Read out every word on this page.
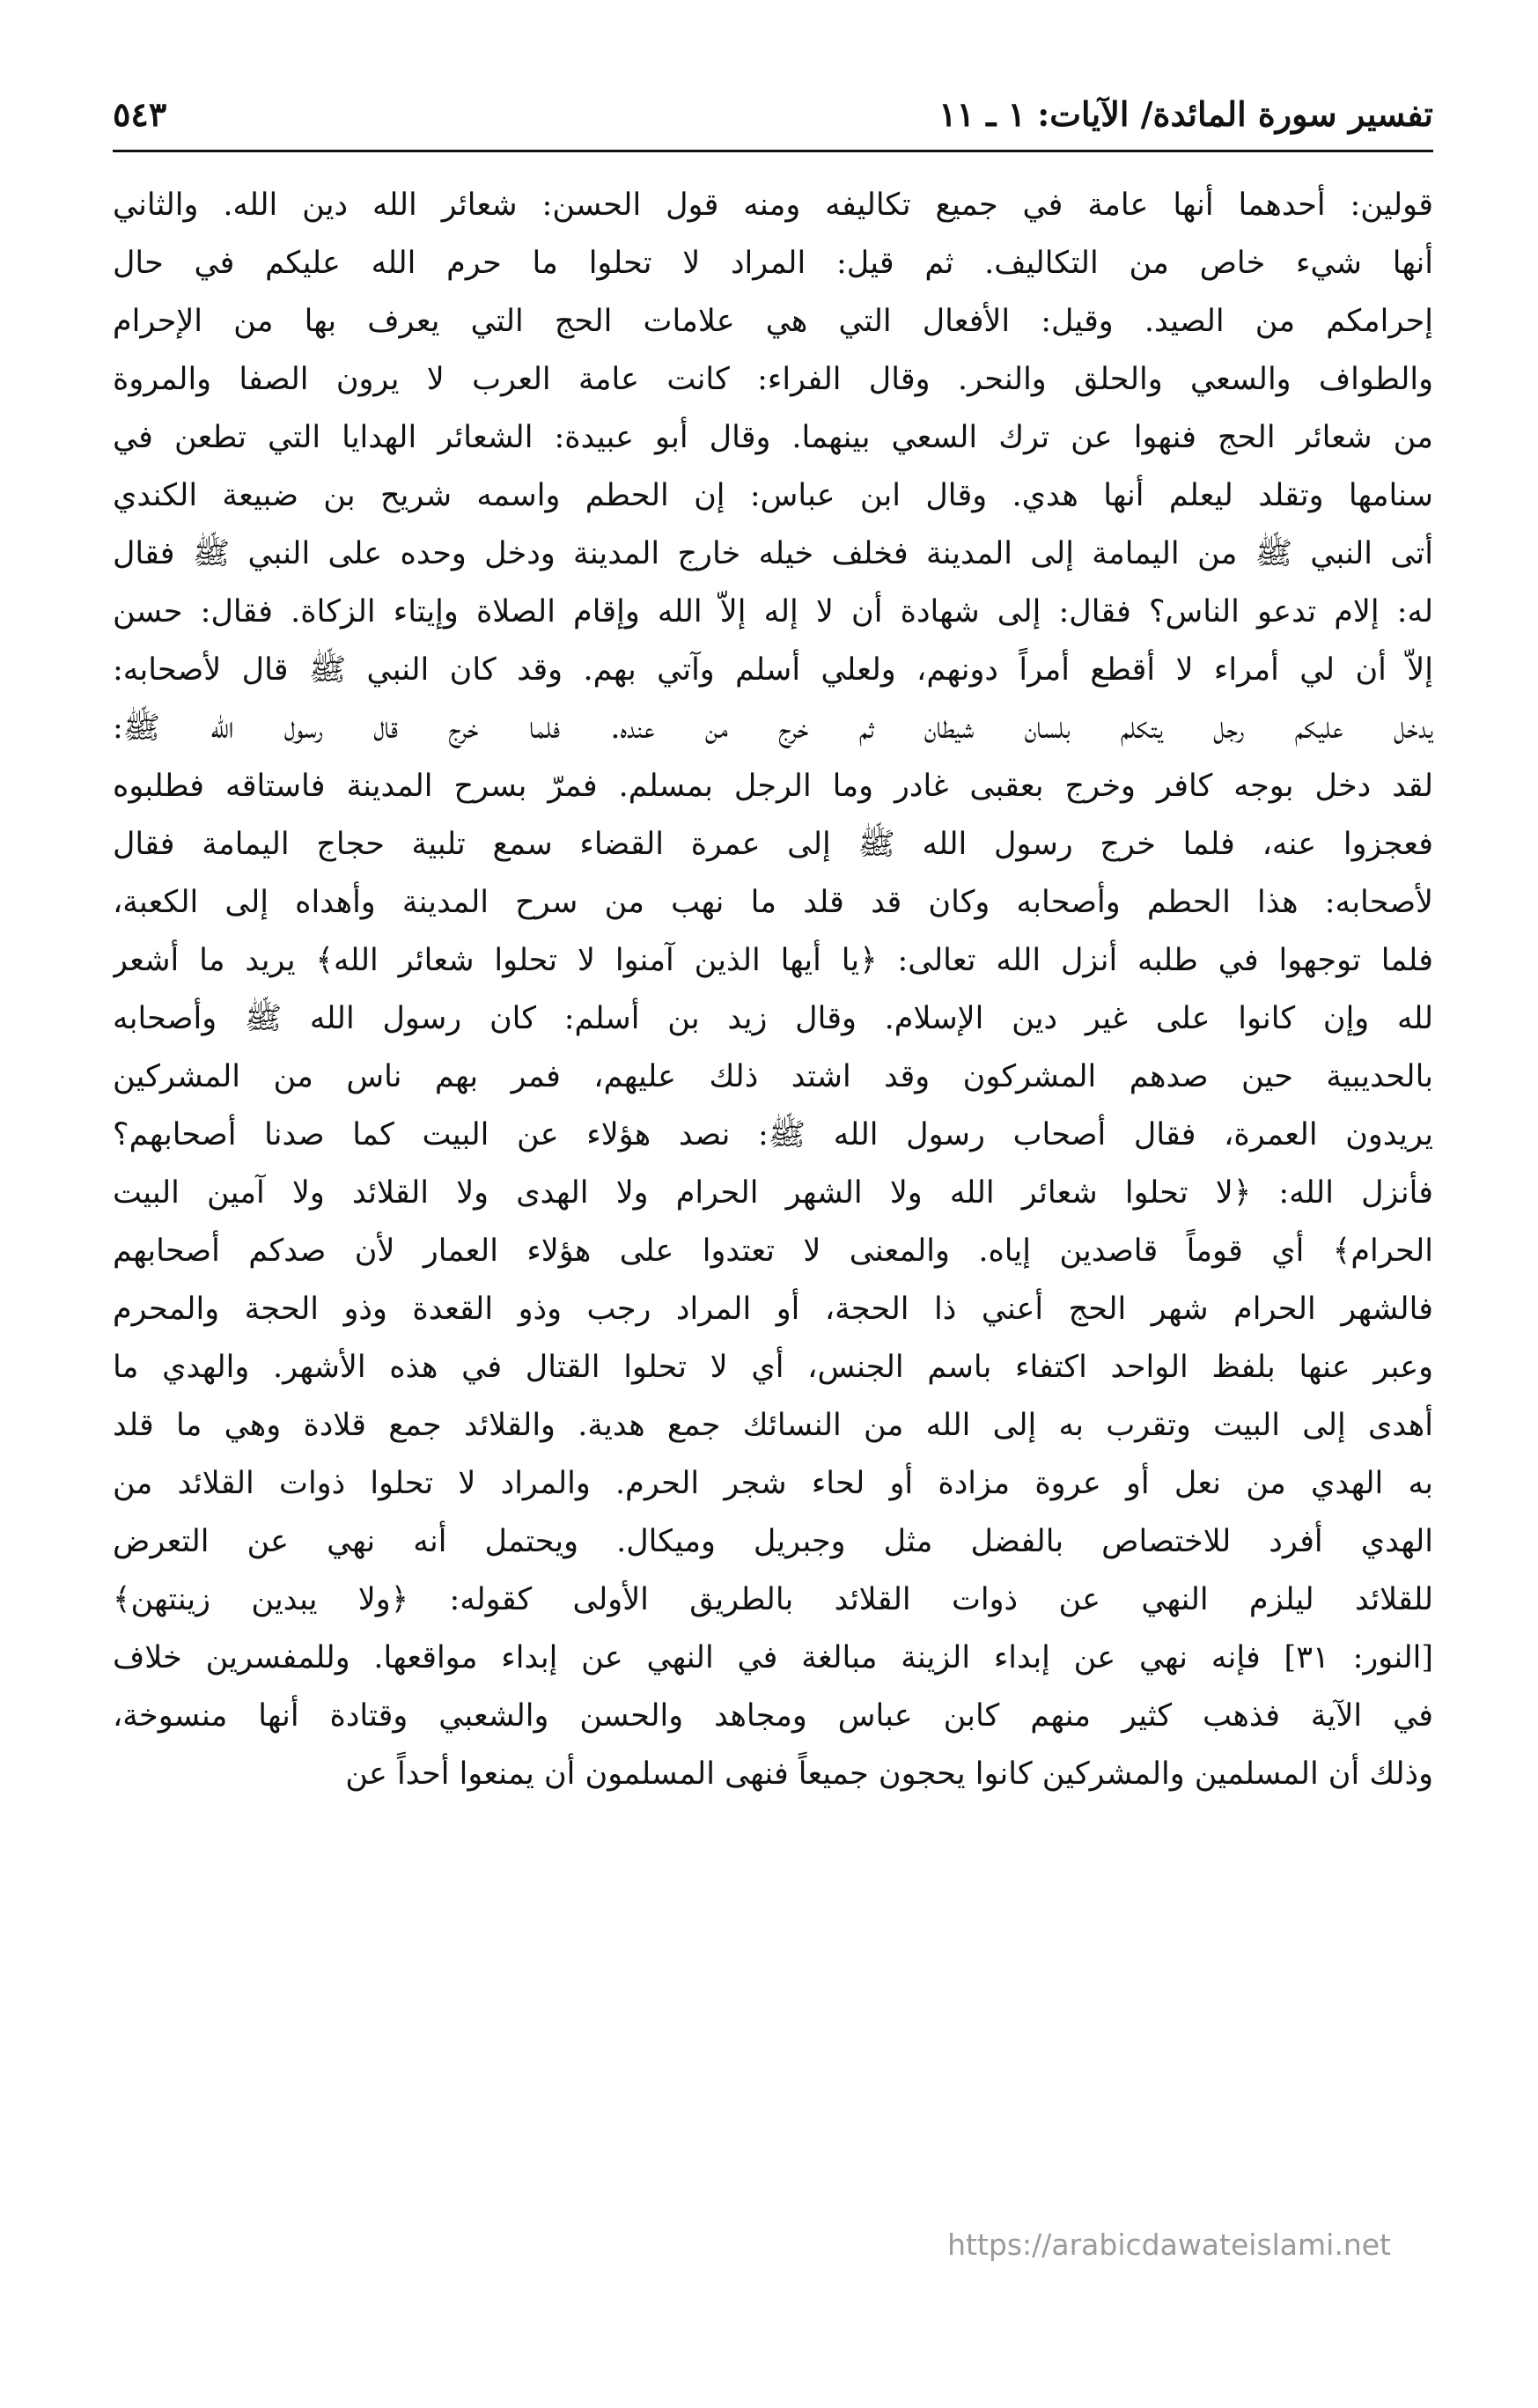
تفسير سورة المائدة/ الآيات: ١ ـ ١١
٥٤٣
قولين: أحدهما أنها عامة في جميع تكاليفه ومنه قول الحسن: شعائر الله دين الله. والثاني
أنها شيء خاص من التكاليف. ثم قيل: المراد لا تحلوا ما حرم الله عليكم في حال
إحرامكم من الصيد. وقيل: الأفعال التي هي علامات الحج التي يعرف بها من الإحرام
والطواف والسعي والحلق والنحر. وقال الفراء: كانت عامة العرب لا يرون الصفا والمروة
من شعائر الحج فنهوا عن ترك السعي بينهما. وقال أبو عبيدة: الشعائر الهدايا التي تطعن في
سنامها وتقلد ليعلم أنها هدي. وقال ابن عباس: إن الحطم واسمه شريح بن ضبيعة الكندي
أتى النبي ﷺ من اليمامة إلى المدينة فخلف خيله خارج المدينة ودخل وحده على النبي ﷺ فقال
له: إلام تدعو الناس؟ فقال: إلى شهادة أن لا إله إلاّ الله وإقام الصلاة وإيتاء الزكاة. فقال: حسن
إلاّ أن لي أمراء لا أقطع أمراً دونهم، ولعلي أسلم وآتي بهم. وقد كان النبي ﷺ قال لأصحابه:
يدخل عليكم رجل يتكلم بلسان شيطان ثم خرج من عنده. فلما خرج قال رسول الله ﷺ:
لقد دخل بوجه كافر وخرج بعقبى غادر وما الرجل بمسلم. فمرّ بسرح المدينة فاستاقه فطلبوه
فعجزوا عنه، فلما خرج رسول الله ﷺ إلى عمرة القضاء سمع تلبية حجاج اليمامة فقال
لأصحابه: هذا الحطم وأصحابه وكان قد قلد ما نهب من سرح المدينة وأهداه إلى الكعبة،
فلما توجهوا في طلبه أنزل الله تعالى: ﴿يا أيها الذين آمنوا لا تحلوا شعائر الله﴾ يريد ما أشعر
لله وإن كانوا على غير دين الإسلام. وقال زيد بن أسلم: كان رسول الله ﷺ وأصحابه
بالحديبية حين صدهم المشركون وقد اشتد ذلك عليهم، فمر بهم ناس من المشركين
يريدون العمرة، فقال أصحاب رسول الله ﷺ: نصد هؤلاء عن البيت كما صدنا أصحابهم؟
فأنزل الله: ﴿لا تحلوا شعائر الله ولا الشهر الحرام ولا الهدى ولا القلائد ولا آمين البيت
الحرام﴾ أي قوماً قاصدين إياه. والمعنى لا تعتدوا على هؤلاء العمار لأن صدكم أصحابهم
فالشهر الحرام شهر الحج أعني ذا الحجة، أو المراد رجب وذو القعدة وذو الحجة والمحرم
وعبر عنها بلفظ الواحد اكتفاء باسم الجنس، أي لا تحلوا القتال في هذه الأشهر. والهدي ما
أهدى إلى البيت وتقرب به إلى الله من النسائك جمع هدية. والقلائد جمع قلادة وهي ما قلد
به الهدي من نعل أو عروة مزادة أو لحاء شجر الحرم. والمراد لا تحلوا ذوات القلائد من
الهدي أفرد للاختصاص بالفضل مثل وجبريل وميكال. ويحتمل أنه نهي عن التعرض
للقلائد ليلزم النهي عن ذوات القلائد بالطريق الأولى كقوله: ﴿ولا يبدين زينتهن﴾
[النور: ٣١] فإنه نهي عن إبداء الزينة مبالغة في النهي عن إبداء مواقعها. وللمفسرين خلاف
في الآية فذهب كثير منهم كابن عباس ومجاهد والحسن والشعبي وقتادة أنها منسوخة،
وذلك أن المسلمين والمشركين كانوا يحجون جميعاً فنهى المسلمون أن يمنعوا أحداً عن
https://arabicdawateislami.net
